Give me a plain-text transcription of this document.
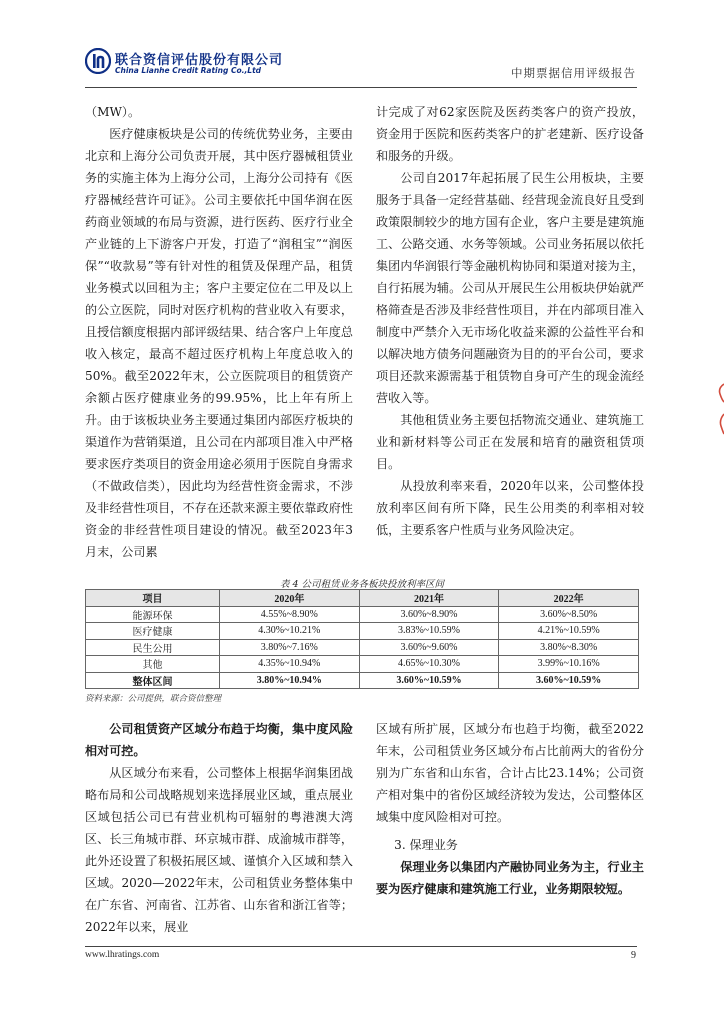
联合资信评估股份有限公司
China Lianhe Credit Rating Co.,Ltd	中期票据信用评级报告

（MW）。

医疗健康板块是公司的传统优势业务，主要由北京和上海分公司负责开展，其中医疗器械租赁业务的实施主体为上海分公司，上海分公司持有《医疗器械经营许可证》。公司主要依托中国华润在医药商业领域的布局与资源，进行医药、医疗行业全产业链的上下游客户开发，打造了“润租宝”“润医保”“收款易”等有针对性的租赁及保理产品，租赁业务模式以回租为主；客户主要定位在二甲及以上的公立医院，同时对医疗机构的营业收入有要求，且授信额度根据内部评级结果、结合客户上年度总收入核定，最高不超过医疗机构上年度总收入的50%。截至2022年末，公立医院项目的租赁资产余额占医疗健康业务的99.95%，比上年有所上升。由于该板块业务主要通过集团内部医疗板块的渠道作为营销渠道，且公司在内部项目准入中严格要求医疗类项目的资金用途必须用于医院自身需求（不做政信类），因此均为经营性资金需求，不涉及非经营性项目，不存在还款来源主要依靠政府性资金的非经营性项目建设的情况。截至2023年3月末，公司累

计完成了对62家医院及医药类客户的资产投放，资金用于医院和医药类客户的扩老建新、医疗设备和服务的升级。

公司自2017年起拓展了民生公用板块，主要服务于具备一定经营基础、经营现金流良好且受到政策限制较少的地方国有企业，客户主要是建筑施工、公路交通、水务等领域。公司业务拓展以依托集团内华润银行等金融机构协同和渠道对接为主，自行拓展为辅。公司从开展民生公用板块伊始就严格筛查是否涉及非经营性项目，并在内部项目准入制度中严禁介入无市场化收益来源的公益性平台和以解决地方债务问题融资为目的的平台公司，要求项目还款来源需基于租赁物自身可产生的现金流经营收入等。

其他租赁业务主要包括物流交通业、建筑施工业和新材料等公司正在发展和培育的融资租赁项目。

从投放利率来看，2020年以来，公司整体投放利率区间有所下降，民生公用类的利率相对较低，主要系客户性质与业务风险决定。

表 4 公司租赁业务各板块投放利率区间
项目	2020年	2021年	2022年
能源环保	4.55%~8.90%	3.60%~8.90%	3.60%~8.50%
医疗健康	4.30%~10.21%	3.83%~10.59%	4.21%~10.59%
民生公用	3.80%~7.16%	3.60%~9.60%	3.80%~8.30%
其他	4.35%~10.94%	4.65%~10.30%	3.99%~10.16%
整体区间	3.80%~10.94%	3.60%~10.59%	3.60%~10.59%
资料来源：公司提供，联合资信整理

公司租赁资产区域分布趋于均衡，集中度风险相对可控。

从区域分布来看，公司整体上根据华润集团战略布局和公司战略规划来选择展业区域，重点展业区域包括公司已有营业机构可辐射的粤港澳大湾区、长三角城市群、环京城市群、成渝城市群等，此外还设置了积极拓展区域、谨慎介入区域和禁入区域。2020—2022年末，公司租赁业务整体集中在广东省、河南省、江苏省、山东省和浙江省等；2022年以来，展业

区域有所扩展，区域分布也趋于均衡，截至2022年末，公司租赁业务区域分布占比前两大的省份分别为广东省和山东省，合计占比23.14%；公司资产相对集中的省份区域经济较为发达，公司整体区域集中度风险相对可控。

3. 保理业务

保理业务以集团内产融协同业务为主，行业主要为医疗健康和建筑施工行业，业务期限较短。

www.lhratings.com	9
